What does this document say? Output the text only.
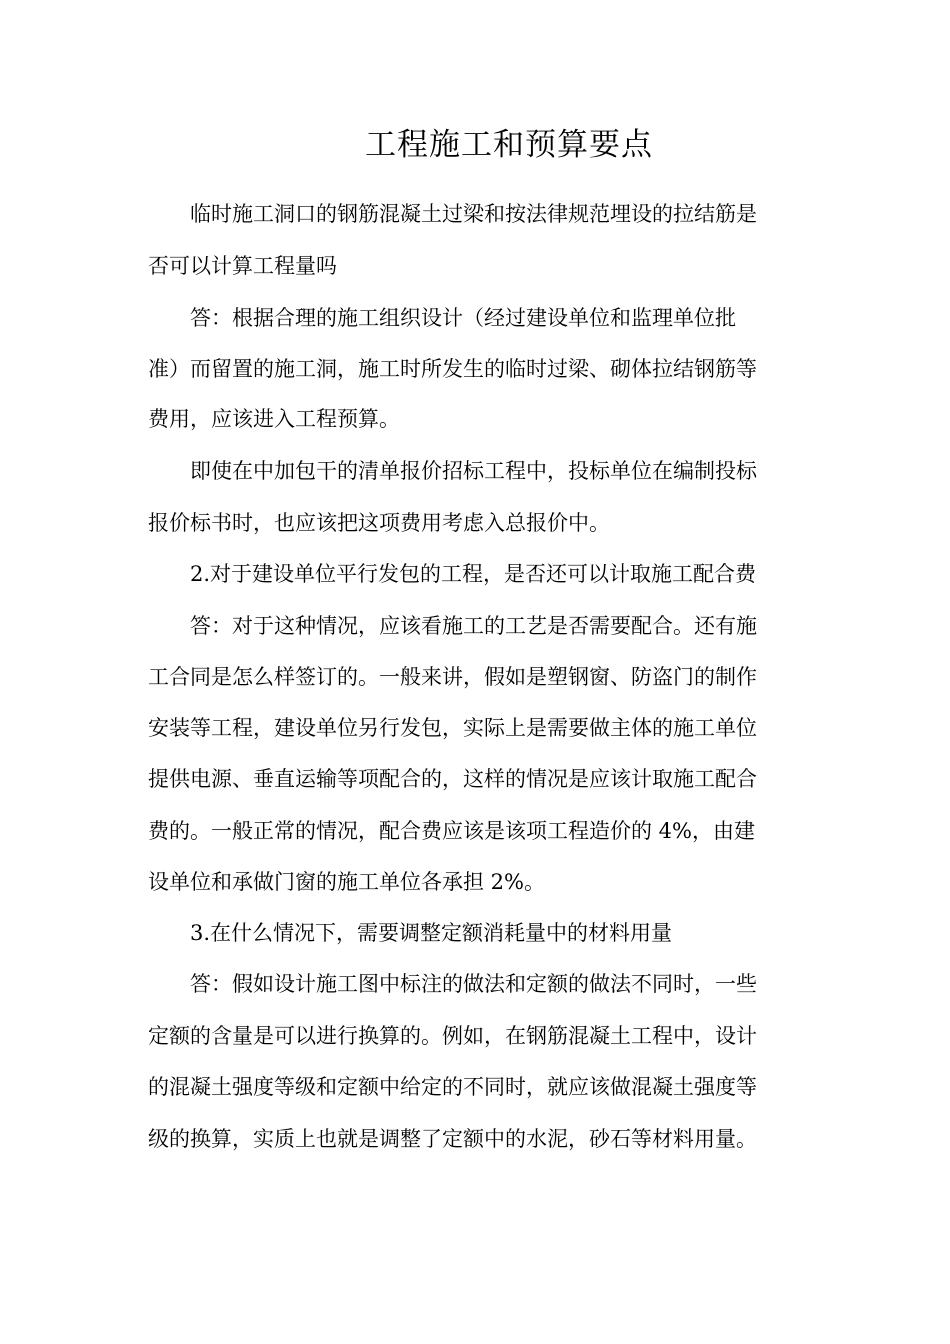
工程施工和预算要点
临时施工洞口的钢筋混凝土过梁和按法律规范埋设的拉结筋是
否可以计算工程量吗
答：根据合理的施工组织设计（经过建设单位和监理单位批
准）而留置的施工洞，施工时所发生的临时过梁、砌体拉结钢筋等
费用，应该进入工程预算。
即使在中加包干的清单报价招标工程中，投标单位在编制投标
报价标书时，也应该把这项费用考虑入总报价中。
2.对于建设单位平行发包的工程，是否还可以计取施工配合费
答：对于这种情况，应该看施工的工艺是否需要配合。还有施
工合同是怎么样签订的。一般来讲，假如是塑钢窗、防盗门的制作
安装等工程，建设单位另行发包，实际上是需要做主体的施工单位
提供电源、垂直运输等项配合的，这样的情况是应该计取施工配合
费的。一般正常的情况，配合费应该是该项工程造价的 4%，由建
设单位和承做门窗的施工单位各承担 2%。
3.在什么情况下，需要调整定额消耗量中的材料用量
答：假如设计施工图中标注的做法和定额的做法不同时，一些
定额的含量是可以进行换算的。例如，在钢筋混凝土工程中，设计
的混凝土强度等级和定额中给定的不同时，就应该做混凝土强度等
级的换算，实质上也就是调整了定额中的水泥，砂石等材料用量。
